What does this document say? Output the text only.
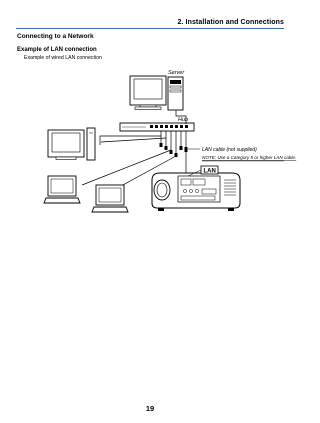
2. Installation and Connections
Connecting to a Network
Example of LAN connection
Example of wired LAN connection
Server
Hub
LAN cable (not supplied)
NOTE: Use a Category 5 or higher LAN cable.
LAN
19
